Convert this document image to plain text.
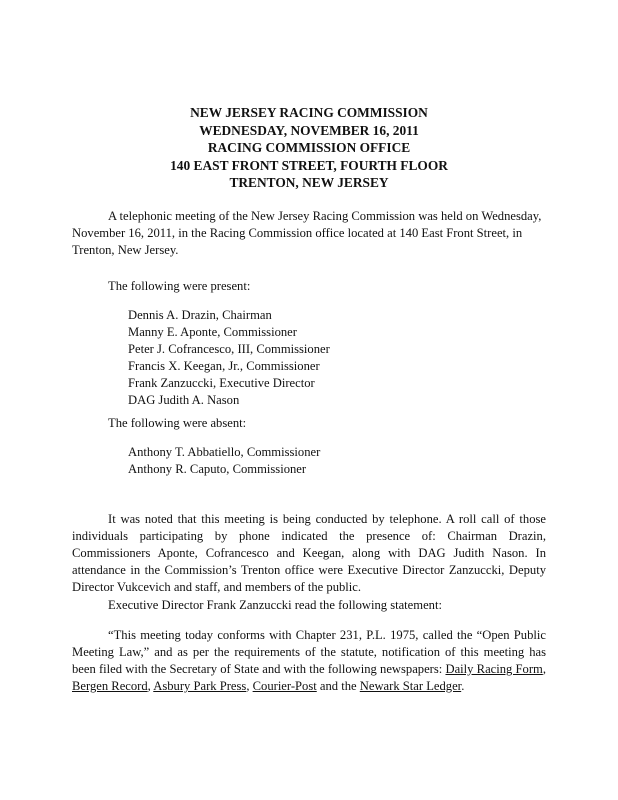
NEW JERSEY RACING COMMISSION
WEDNESDAY, NOVEMBER 16, 2011
RACING COMMISSION OFFICE
140 EAST FRONT STREET, FOURTH FLOOR
TRENTON, NEW JERSEY
A telephonic meeting of the New Jersey Racing Commission was held on Wednesday,
November 16, 2011, in the Racing Commission office located at 140 East Front Street, in
Trenton, New Jersey.
The following were present:
Dennis A. Drazin, Chairman
Manny E. Aponte, Commissioner
Peter J. Cofrancesco, III, Commissioner
Francis X. Keegan, Jr., Commissioner
Frank Zanzuccki, Executive Director
DAG Judith A. Nason
The following were absent:
Anthony T. Abbatiello, Commissioner
Anthony R. Caputo, Commissioner
It was noted that this meeting is being conducted by telephone. A roll call of those individuals participating by phone indicated the presence of: Chairman Drazin, Commissioners Aponte, Cofrancesco and Keegan, along with DAG Judith Nason. In attendance in the Commission’s Trenton office were Executive Director Zanzuccki, Deputy Director Vukcevich and staff, and members of the public.
Executive Director Frank Zanzuccki read the following statement:
“This meeting today conforms with Chapter 231, P.L. 1975, called the “Open Public Meeting Law,” and as per the requirements of the statute, notification of this meeting has been filed with the Secretary of State and with the following newspapers: Daily Racing Form, Bergen Record, Asbury Park Press, Courier-Post and the Newark Star Ledger.
